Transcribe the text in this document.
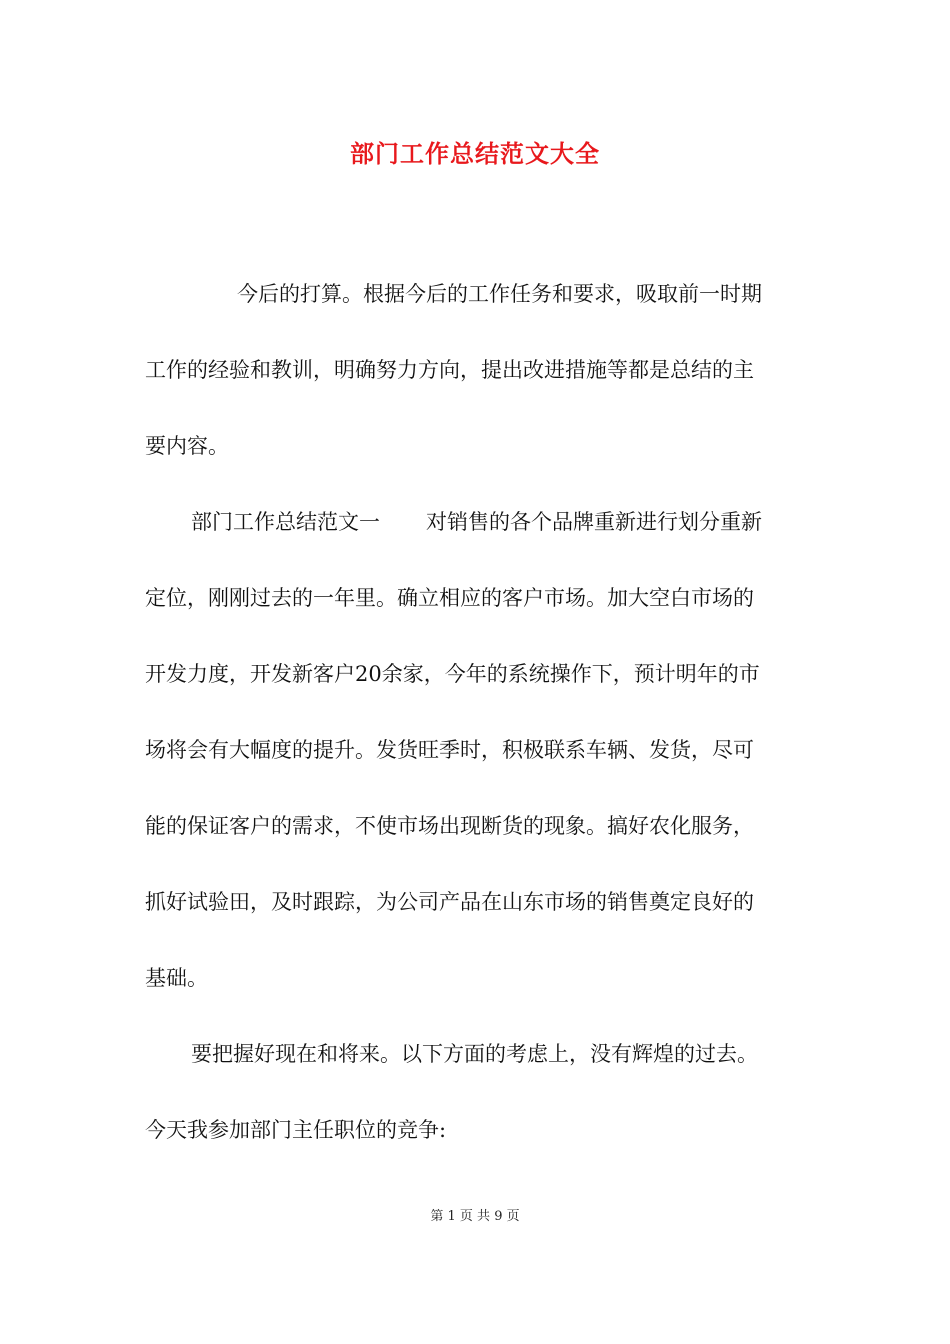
部门工作总结范文大全
今后的打算。根据今后的工作任务和要求，吸取前一时期
工作的经验和教训，明确努力方向，提出改进措施等都是总结的主
要内容。
部门工作总结范文一 对销售的各个品牌重新进行划分重新
定位，刚刚过去的一年里。确立相应的客户市场。加大空白市场的
开发力度，开发新客户20余家，今年的系统操作下，预计明年的市
场将会有大幅度的提升。发货旺季时，积极联系车辆、发货，尽可
能的保证客户的需求，不使市场出现断货的现象。搞好农化服务，
抓好试验田，及时跟踪，为公司产品在山东市场的销售奠定良好的
基础。
要把握好现在和将来。以下方面的考虑上，没有辉煌的过去。
今天我参加部门主任职位的竞争:
第 1 页 共 9 页
